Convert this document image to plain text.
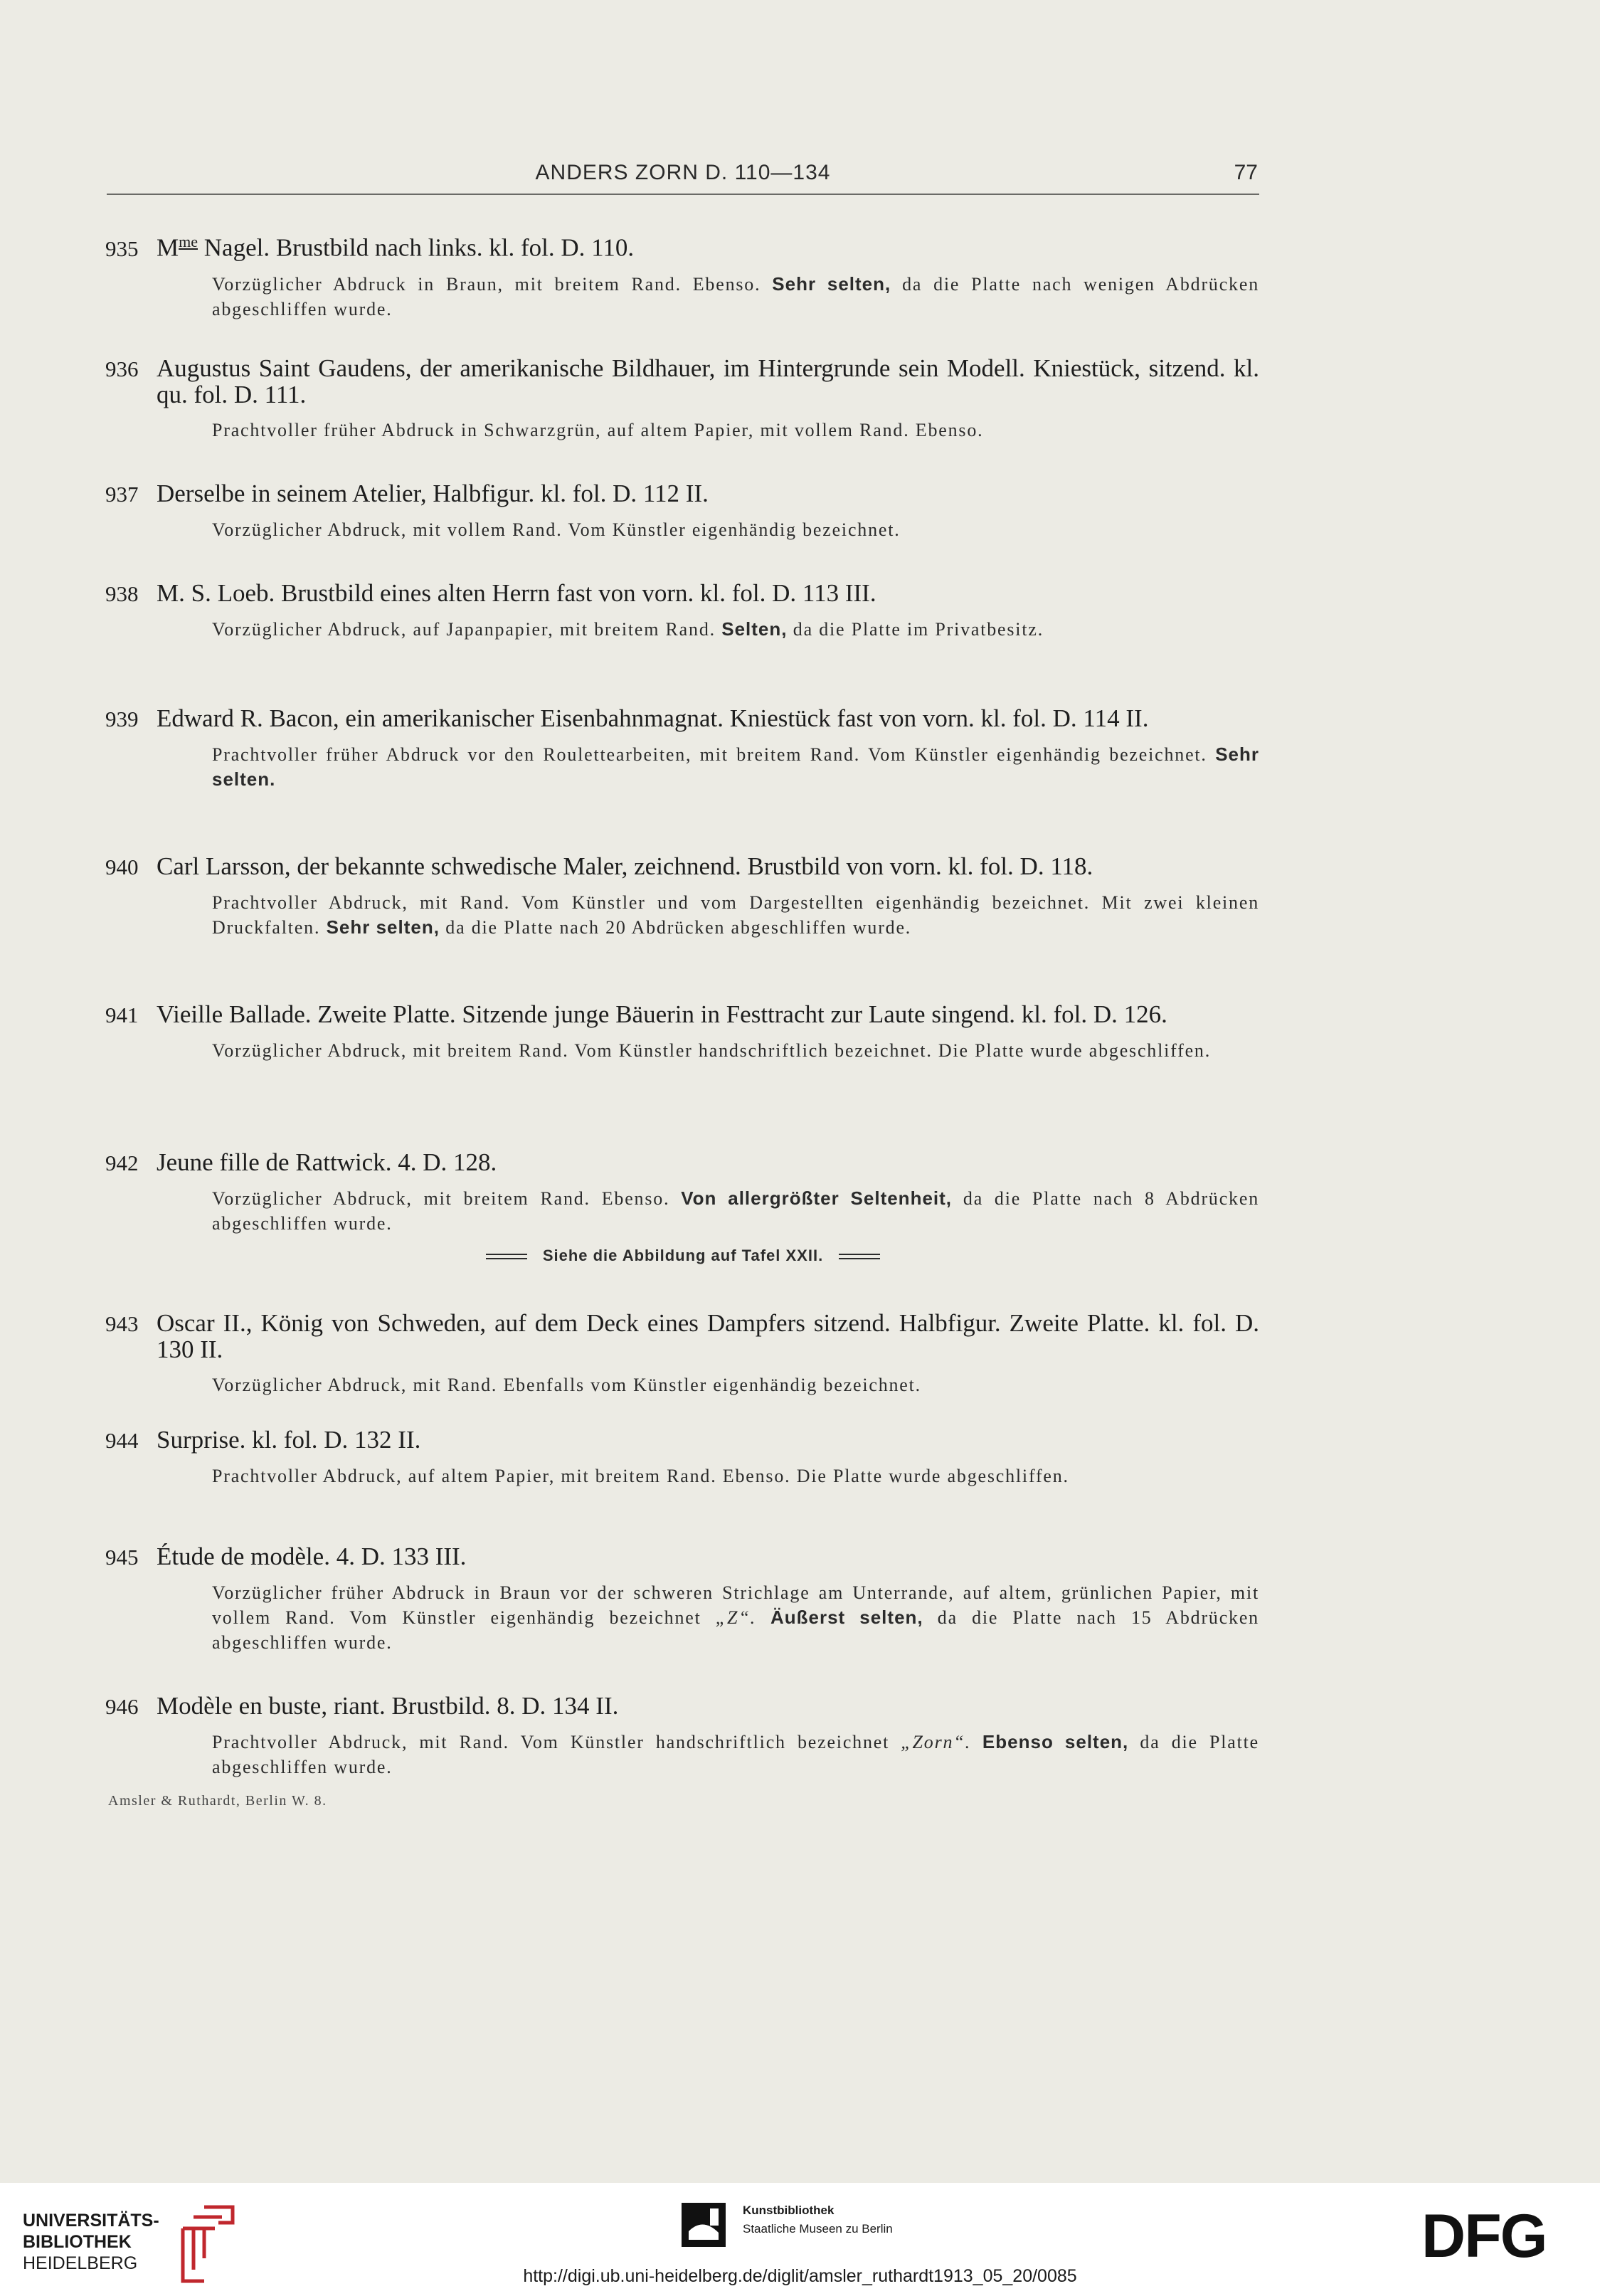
ANDERS ZORN D. 110—134	77
935 $M^{me}$ Nagel. Brustbild nach links. kl. fol. D. 110.
Vorzüglicher Abdruck in Braun, mit breitem Rand. Ebenso. Sehr selten, da die Platte nach wenigen Abdrücken abgeschliffen wurde.
936 Augustus Saint Gaudens, der amerikanische Bildhauer, im Hintergrunde sein Modell. Kniestück, sitzend. kl. qu. fol. D. 111.
Prachtvoller früher Abdruck in Schwarzgrün, auf altem Papier, mit vollem Rand. Ebenso.
937 Derselbe in seinem Atelier, Halbfigur. kl. fol. D. 112 II.
Vorzüglicher Abdruck, mit vollem Rand. Vom Künstler eigenhändig bezeichnet.
938 M. S. Loeb. Brustbild eines alten Herrn fast von vorn. kl. fol. D. 113 III.
Vorzüglicher Abdruck, auf Japanpapier, mit breitem Rand. Selten, da die Platte im Privatbesitz.
939 Edward R. Bacon, ein amerikanischer Eisenbahnmagnat. Kniestück fast von vorn. kl. fol. D. 114 II.
Prachtvoller früher Abdruck vor den Roulettearbeiten, mit breitem Rand. Vom Künstler eigenhändig bezeichnet. Sehr selten.
940 Carl Larsson, der bekannte schwedische Maler, zeichnend. Brustbild von vorn. kl. fol. D. 118.
Prachtvoller Abdruck, mit Rand. Vom Künstler und vom Dargestellten eigenhändig bezeichnet. Mit zwei kleinen Druckfalten. Sehr selten, da die Platte nach 20 Abdrücken abgeschliffen wurde.
941 Vieille Ballade. Zweite Platte. Sitzende junge Bäuerin in Festtracht zur Laute singend. kl. fol. D. 126.
Vorzüglicher Abdruck, mit breitem Rand. Vom Künstler handschriftlich bezeichnet. Die Platte wurde abgeschliffen.
942 Jeune fille de Rattwick. 4. D. 128.
Vorzüglicher Abdruck, mit breitem Rand. Ebenso. Von allergrößter Seltenheit, da die Platte nach 8 Abdrücken abgeschliffen wurde.
Siehe die Abbildung auf Tafel XXII.
943 Oscar II., König von Schweden, auf dem Deck eines Dampfers sitzend. Halbfigur. Zweite Platte. kl. fol. D. 130 II.
Vorzüglicher Abdruck, mit Rand. Ebenfalls vom Künstler eigenhändig bezeichnet.
944 Surprise. kl. fol. D. 132 II.
Prachtvoller Abdruck, auf altem Papier, mit breitem Rand. Ebenso. Die Platte wurde abgeschliffen.
945 Étude de modèle. 4. D. 133 III.
Vorzüglicher früher Abdruck in Braun vor der schweren Strichlage am Unterrande, auf altem, grünlichen Papier, mit vollem Rand. Vom Künstler eigenhändig bezeichnet „Z“. Äußerst selten, da die Platte nach 15 Abdrücken abgeschliffen wurde.
946 Modèle en buste, riant. Brustbild. 8. D. 134 II.
Prachtvoller Abdruck, mit Rand. Vom Künstler handschriftlich bezeichnet „Zorn“. Ebenso selten, da die Platte abgeschliffen wurde.
Amsler & Ruthardt, Berlin W. 8.
UNIVERSITÄTS-
BIBLIOTHEK
HEIDELBERG
Kunstbibliothek
Staatliche Museen zu Berlin	DFG
http://digi.ub.uni-heidelberg.de/diglit/amsler_ruthardt1913_05_20/0085
